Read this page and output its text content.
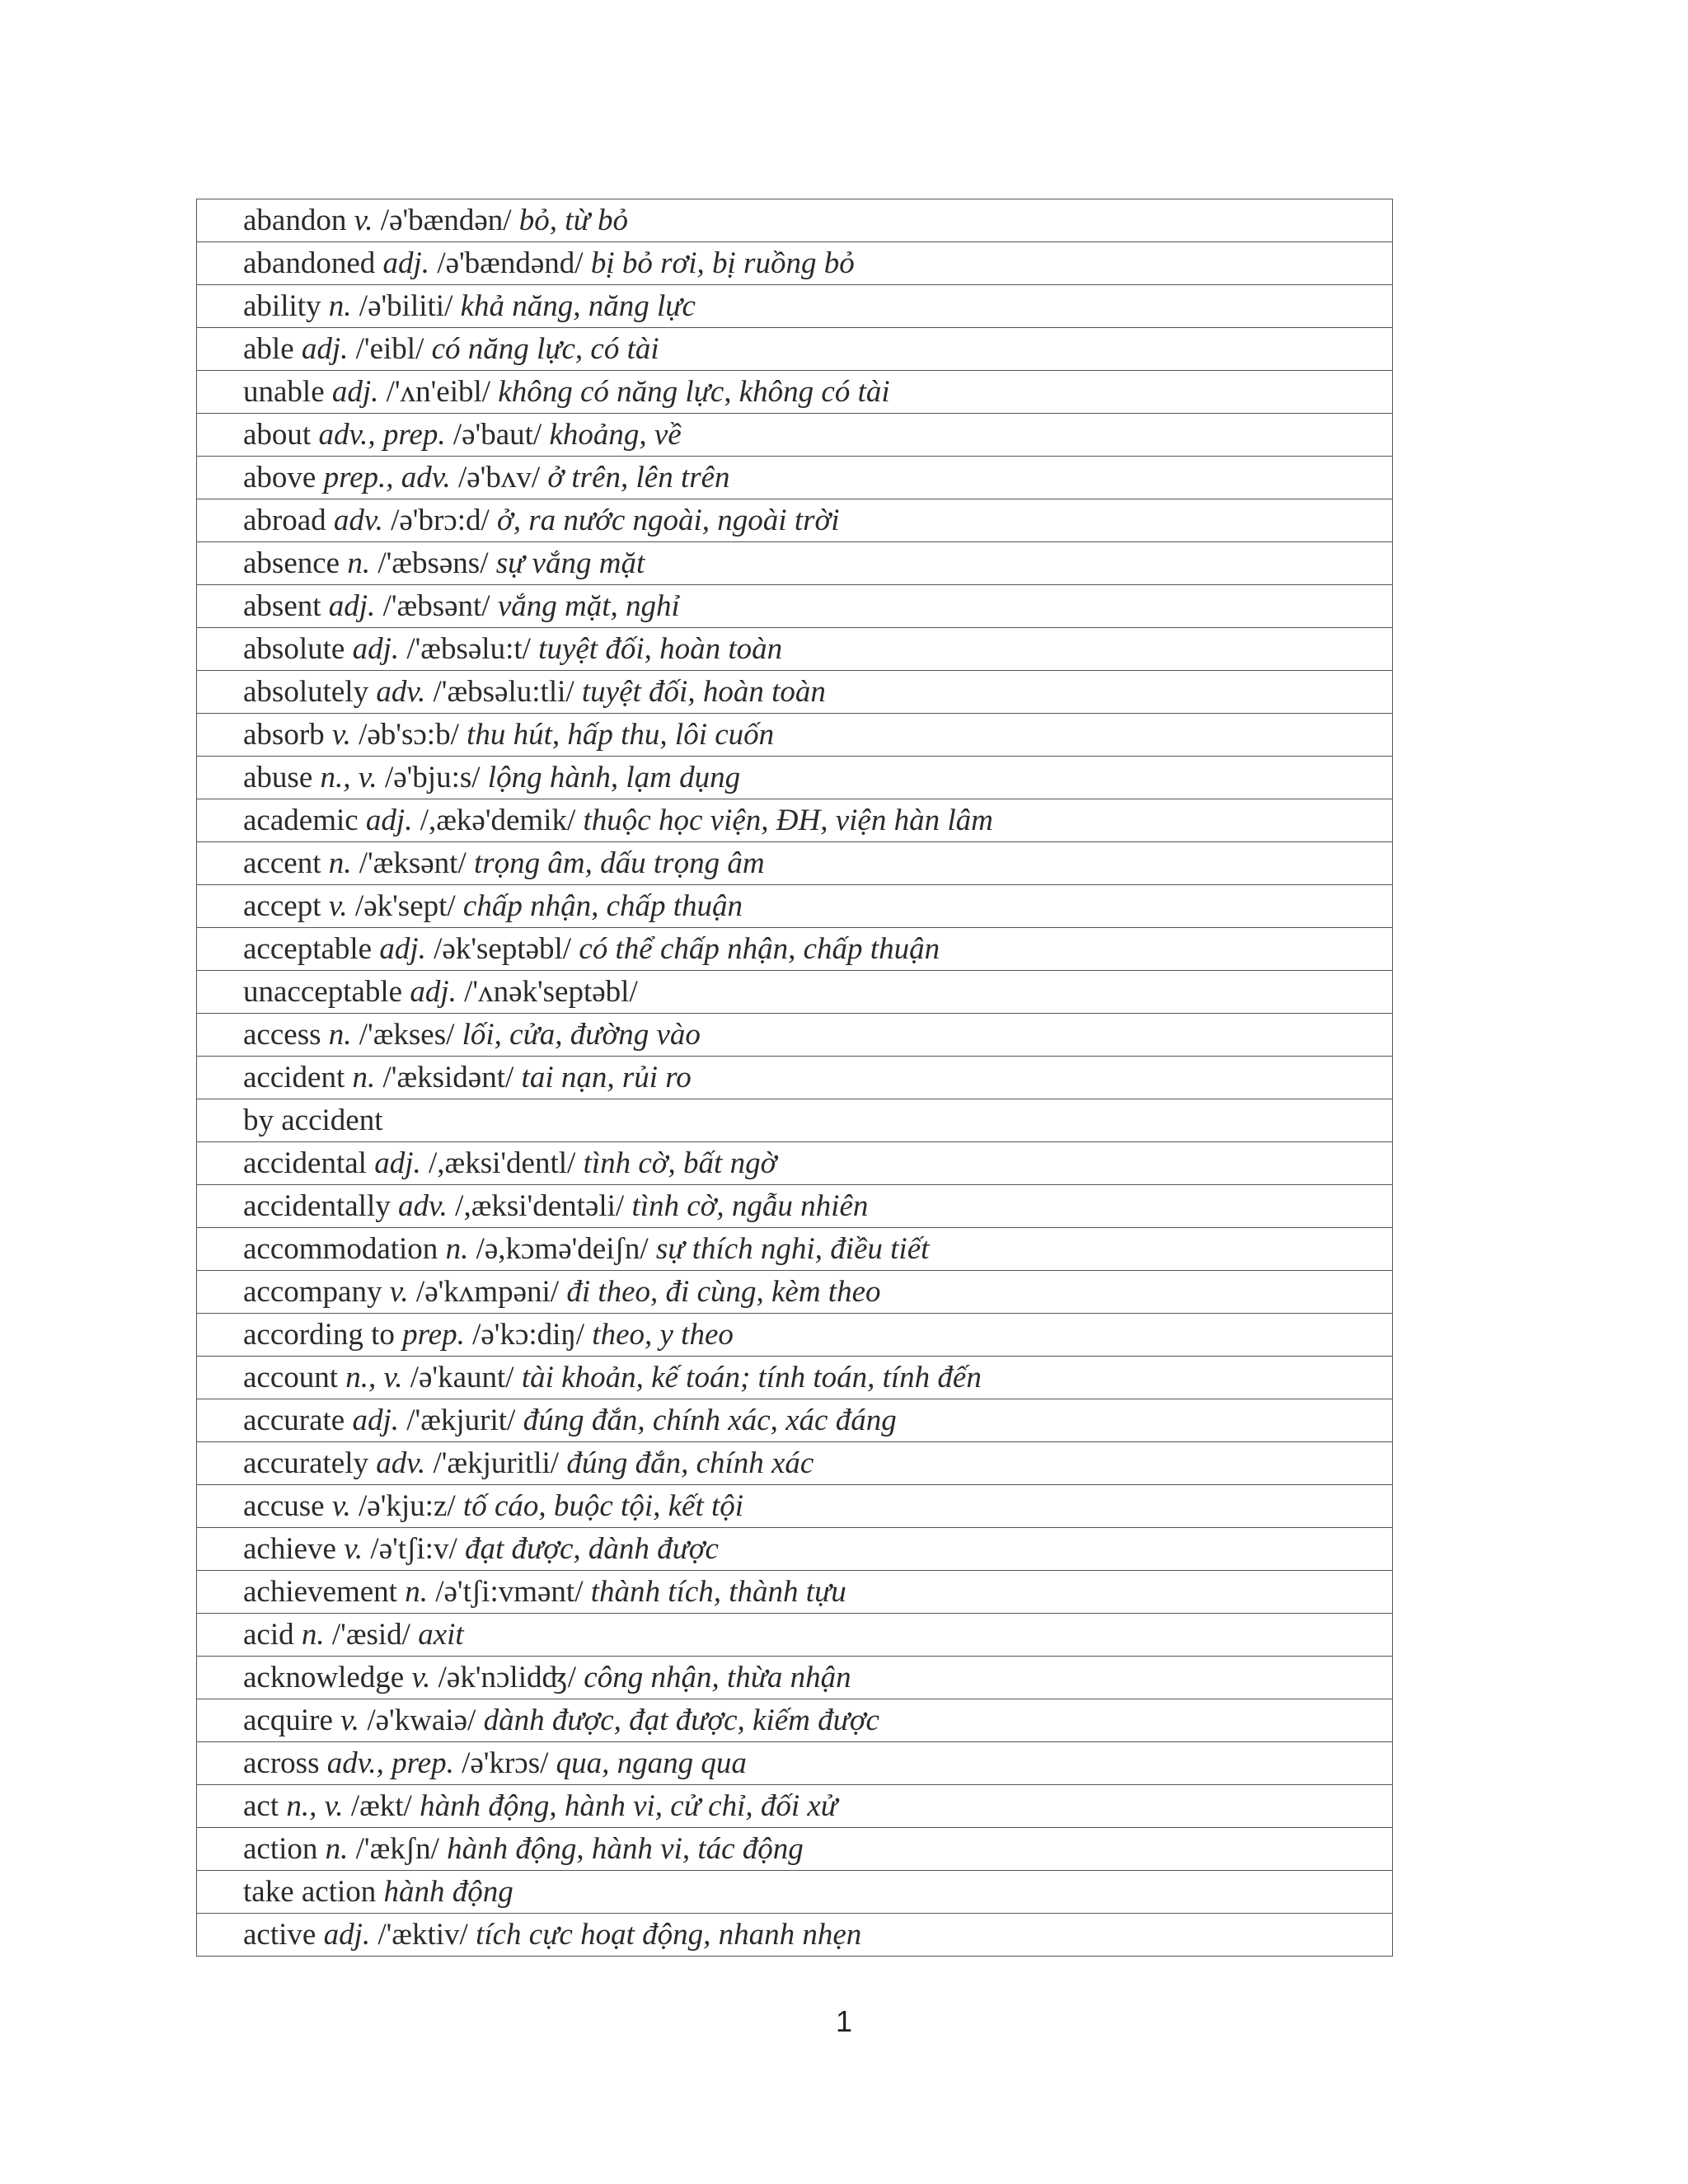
abandon v. /ə'bændən/ bỏ, từ bỏ
abandoned adj. /ə'bændənd/ bị bỏ rơi, bị ruồng bỏ
ability n. /ə'biliti/ khả năng, năng lực
able adj. /'eibl/ có năng lực, có tài
unable adj. /'ʌn'eibl/ không có năng lực, không có tài
about adv., prep. /ə'baut/ khoảng, về
above prep., adv. /ə'bʌv/ ở trên, lên trên
abroad adv. /ə'brɔ:d/ ở, ra nước ngoài, ngoài trời
absence n. /'æbsəns/ sự vắng mặt
absent adj. /'æbsənt/ vắng mặt, nghỉ
absolute adj. /'æbsəlu:t/ tuyệt đối, hoàn toàn
absolutely adv. /'æbsəlu:tli/ tuyệt đối, hoàn toàn
absorb v. /əb'sɔ:b/ thu hút, hấp thu, lôi cuốn
abuse n., v. /ə'bju:s/ lộng hành, lạm dụng
academic adj. /,ækə'demik/ thuộc học viện, ĐH, viện hàn lâm
accent n. /'æksənt/ trọng âm, dấu trọng âm
accept v. /ək'sept/ chấp nhận, chấp thuận
acceptable adj. /ək'septəbl/ có thể chấp nhận, chấp thuận
unacceptable adj. /'ʌnək'septəbl/
access n. /'ækses/ lối, cửa, đường vào
accident n. /'æksidənt/ tai nạn, rủi ro
by accident
accidental adj. /,æksi'dentl/ tình cờ, bất ngờ
accidentally adv. /,æksi'dentəli/ tình cờ, ngẫu nhiên
accommodation n. /ə,kɔmə'deiʃn/ sự thích nghi, điều tiết
accompany v. /ə'kʌmpəni/ đi theo, đi cùng, kèm theo
according to prep. /ə'kɔ:diŋ/ theo, y theo
account n., v. /ə'kaunt/ tài khoản, kế toán; tính toán, tính đến
accurate adj. /'ækjurit/ đúng đắn, chính xác, xác đáng
accurately adv. /'ækjuritli/ đúng đắn, chính xác
accuse v. /ə'kju:z/ tố cáo, buộc tội, kết tội
achieve v. /ə'tʃi:v/ đạt được, dành được
achievement n. /ə'tʃi:vmənt/ thành tích, thành tựu
acid n. /'æsid/ axit
acknowledge v. /ək'nɔlidʤ/ công nhận, thừa nhận
acquire v. /ə'kwaiə/ dành được, đạt được, kiếm được
across adv., prep. /ə'krɔs/ qua, ngang qua
act n., v. /ækt/ hành động, hành vi, cử chỉ, đối xử
action n. /'ækʃn/ hành động, hành vi, tác động
take action hành động
active adj. /'æktiv/ tích cực hoạt động, nhanh nhẹn
1
